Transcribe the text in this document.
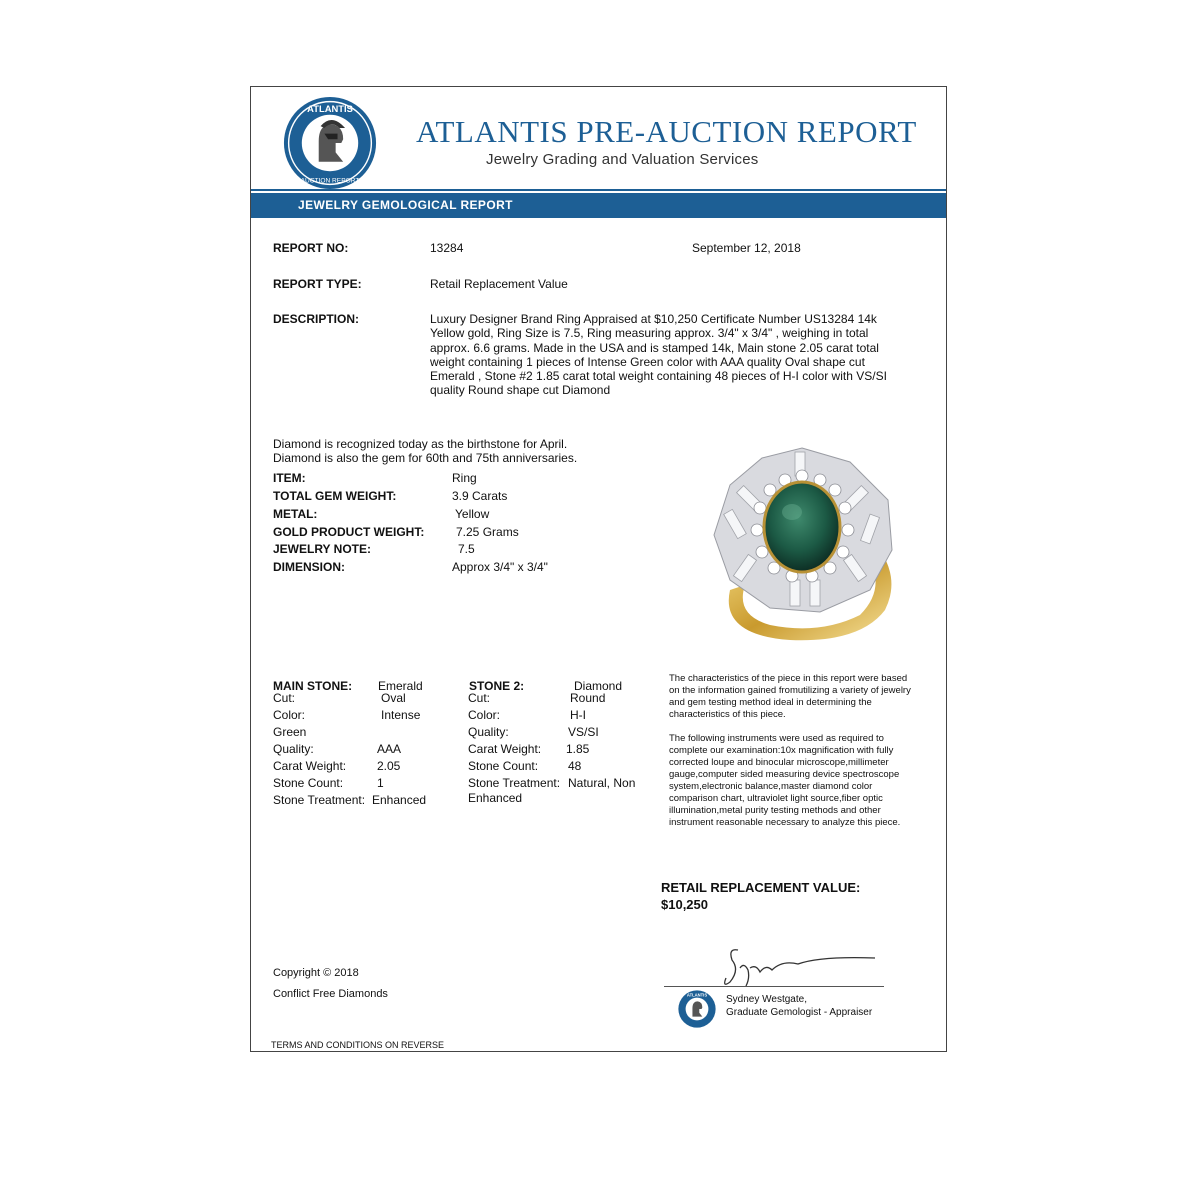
ATLANTIS
AUCTION REPORT
ATLANTIS PRE-AUCTION REPORT
Jewelry Grading and Valuation Services
JEWELRY GEMOLOGICAL REPORT
REPORT NO:	13284	September 12, 2018
REPORT TYPE:	Retail Replacement Value
DESCRIPTION:	Luxury Designer Brand Ring Appraised at $10,250 Certificate Number US13284 14k Yellow gold, Ring Size is 7.5, Ring measuring approx. 3/4" x 3/4" , weighing in total approx. 6.6 grams. Made in the USA and is stamped 14k, Main stone 2.05 carat total weight containing 1 pieces of Intense Green color with AAA quality Oval shape cut Emerald , Stone #2 1.85 carat total weight containing 48 pieces of H-I color with VS/SI quality Round shape cut Diamond
Diamond is recognized today as the birthstone for April.
Diamond is also the gem for 60th and 75th anniversaries.
ITEM:	Ring
TOTAL GEM WEIGHT:	3.9 Carats
METAL:	Yellow
GOLD PRODUCT WEIGHT:	7.25 Grams
JEWELRY NOTE:	7.5
DIMENSION:	Approx 3/4" x 3/4"
MAIN STONE: Emerald
Cut:	Oval
Color:	Intense
Green
Quality:	AAA
Carat Weight:	2.05
Stone Count:	1
Stone Treatment: Enhanced
STONE 2:	Diamond
Cut:	Round
Color:	H-I
Quality:	VS/SI
Carat Weight: 1.85
Stone Count: 48
Stone Treatment: Natural, Non
Enhanced

The characteristics of the piece in this report were based on the information gained fromutilizing a variety of jewelry and gem testing method ideal in determining the characteristics of this piece.

The following instruments were used as required to complete our examination:10x magnification with fully corrected loupe and binocular microscope,millimeter gauge,computer sided measuring device spectroscope system,electronic balance,master diamond color comparison chart, ultraviolet light source,fiber optic illumination,metal purity testing methods and other instrument reasonable necessary to analyze this piece.

RETAIL REPLACEMENT VALUE:
$10,250
ATLANTIS Sydney Westgate,
Graduate Gemologist - Appraiser
Copyright © 2018
Conflict Free Diamonds
TERMS AND CONDITIONS ON REVERSE
